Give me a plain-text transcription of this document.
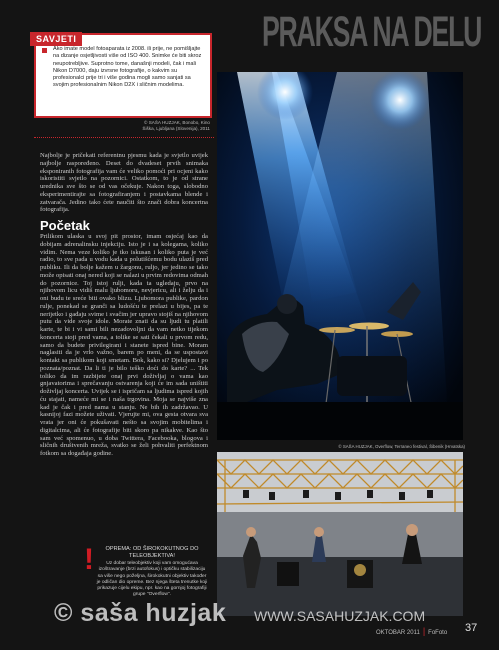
PRAKSA NA DELU
SAVJETI
Ako imate model fotoaparata iz 2008. ili prije, ne pomišljajte na dizanje osjetljivosti više od ISO 400. Snimke će biti skroz neupotrebljive. Suprotno tome, današnji modeli, čak i mali Nikon D7000, daju izvrsne fotografije, o kakvim su profesionalci prije tri i više godina mogli samo sanjati sa svojim profesionalnim Nikon D2X i sličnim modelima.
© SAŠA HUZJAK, Bonobo, Kino Šiška, Ljubljana (Slovenija), 2011
© SAŠA HUZJAK, Overflow, Terraneo festival, Šibenik (Hrvatska)
Najbolje je pričekati referentnu pjesmu kada je svjetlo uvijek najbolje raspoređeno. Deset do dvadeset prvih snimaka eksponiranih fotografija vam će veliko pomoći pri ocjeni kako iskoristiti svjetlo na pozornici. Ostatkom, to je od strane urednika sve što se od vas očekuje. Nakon toga, slobodno eksperimentirajte sa fotografiranjem i postavkama blende i zatvarača. Jedino tako ćete naučiti što znači dobra koncertna fotografija.
Početak
Prilikom ulaska u svoj pit prostor, imam osjećaj kao da dobijam adrenalinsku injekciju. Isto je i sa kolegama, koliko vidim. Nema veze koliko je tko iskusan i koliko puta je već radio, to sve pada u vodu kada u polutišćemu bodu ulaziš pred publiku. Ili da bolje kažem u žargonu, ruljo, jer jedino se tako može opisati onaj nered koji se nalazi u prvim redovima odmah do pozornice. Toj istoj rulji, kada ta ugledaju, prvo na njihovom licu vidiš malu ljubomoru, nevjericu, ali i želju da i oni budu te sreće biti ovako blizu. Ljubomora publike, pardon rulje, ponekad se granči sa ludošću te prelazi u bijes, pa te nerijetko i gađaju svime i svačim jer upravo stojiš na njihovom putu da vide svoje idole. Morate znati da su ljudi tu platili karte, te bi i vi sami bili nezadovoljni da vam netko tijekom koncerta stoji pred vama, a tolike se sati čekali u prvom redu, samo da budete privilegirani i stanete ispred bine. Moram naglasiti da je vrlo važno, barem po meni, da se uspostavi kontakt sa publikom koji smetam. Bok, kako si? Djelujem i po poznata/poznat. Da li ti je bilo teško doći do karte? ... Tek toliko da im razbijete onaj prvi doživljaj o vama kao gnjavatorima i sprečavanju ostvarenja koji će im sada uništiti doživljaj koncerta. Uvijek se i ispričam sa ljudima ispred kojih ću stajati, nameće mi se i naša trgovina. Moja se najviše zna kad je čak i pred nama u stanju. Ne bih ih zadržavao. U kasnijoj fazi možete uživati. Vjerujte mi, ova gesta otvara sva vrata jer oni će pokušavati nešto sa svojim mobitelima i digitalcima, ali će fotografije biti skoro pa nikakve. Kao što sam već spomenuo, u doba Twittera, Facebooka, blogova i sličnih društvenih mreža, svatko se želi pohvaliti perfektnom fotkom sa događaja godine.
!	OPREMA: OD ŠIROKOKUTNOG DO TELEOBJEKTIVA!
Uz dobar teleobjektiv koji vam omogućava izoštravanje (brzi autofokus) i optičku stabilizaciju sa više nego poželjna, širokokutni objektiv također je odličan dio opreme. Bez njega šteta trenutke koji prikazuje cijelu ekipu, npr. kao na gornjoj fotografiji grupe "Overflow".
© saša huzjak WWW.SASAHUZJAK.COM
OKTOBAR 2011 | FoFoto 37
